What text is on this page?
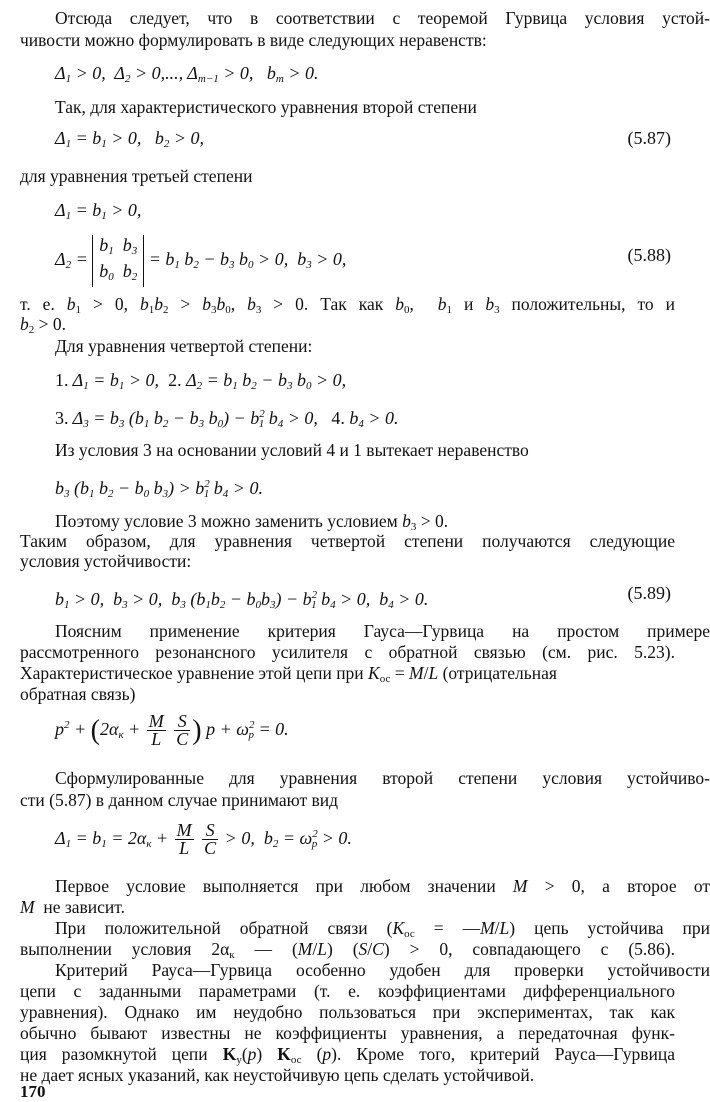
Отсюда следует, что в соответствии с теоремой Гурвица условия устой-
чивости можно формулировать в виде следующих неравенств:
$\Delta_1 > 0$,  $\Delta_2 > 0$,..., $\Delta_{m-1} > 0$,   $b_m > 0$.
Так, для характеристического уравнения второй степени
$\Delta_1 = b_1 > 0$,   $b_2 > 0$,	(5.87)
для уравнения третьей степени
$\Delta_1 = b_1 > 0$,
$\Delta_2 = b_1$  $b_3$
$b_0$  $b_2 = b_1$ $b_2 - b_3$ $b_0 > 0$,  $b_3 > 0$,	(5.88)
т. е. $b_1 > 0$, $b_1b_2 > b_3b_0$, $b_3 > 0$. Так как $b_0$,  $b_1$ и $b_3$ положительны, то и
$b_2 > 0$.
Для уравнения четвертой степени:
1. $\Delta_1 = b_1 > 0$,  2. $\Delta_2 = b_1$ $b_2 - b_3$ $b_0 > 0$,
3. $\Delta_3 = b_3$ ($b_1$ $b_2 - b_3$ $b_0) - b^2_1$ $b_4 > 0$,   4. $b_4 > 0$.
Из условия 3 на основании условий 4 и 1 вытекает неравенство
$b_3$ ($b_1$ $b_2 - b_0$ $b_3) > b^2_1$ $b_4 > 0$.
Поэтому условие 3 можно заменить условием $b_3 > 0$.
Таким образом, для уравнения четвертой степени получаются следующие
условия устойчивости:
$b_1 > 0$,  $b_3 > 0$,  $b_3$ $(b_1b_2 - b_0b_3) - b^2_1$ $b_4 > 0$,  $b_4 > 0$.	(5.89)
Поясним применение критерия Гауса—Гурвица на простом примере
рассмотренного резонансного усилителя с обратной связью (см. рис. 5.23).
Характеристическое уравнение этой цепи при $K_{ос} = M/L$ (отрицательная
обратная связь)
$p^2 + (2\alpha_к + \frac{M}{L}$
$\frac{S}{C}$ ) $p + \omega^2_р = 0$.
Сформулированные для уравнения второй степени условия устойчиво-
сти (5.87) в данном случае принимают вид
$\Delta_1 = b_1 = 2\alpha_к + \frac{M}{L}$
$\frac{S}{C} > 0$,  $b_2 = \omega^2_р > 0$.
Первое условие выполняется при любом значении M > 0, а второе от
M не зависит.
При положительной обратной связи ($K_{ос}$ = —M/L) цепь устойчива при
выполнении условия $2\alpha_к$ — (M/L) (S/C) > 0, совпадающего с (5.86).
Критерий Рауса—Гурвица особенно удобен для проверки устойчивости
цепи с заданными параметрами (т. е. коэффициентами дифференциального
уравнения). Однако им неудобно пользоваться при экспериментах, так как
обычно бывают известны не коэффициенты уравнения, а передаточная функ-
ция разомкнутой цепи $K_у(p)$ $K_{ос}$ (p). Кроме того, критерий Рауса—Гурвица
не дает ясных указаний, как неустойчивую цепь сделать устойчивой.
170
